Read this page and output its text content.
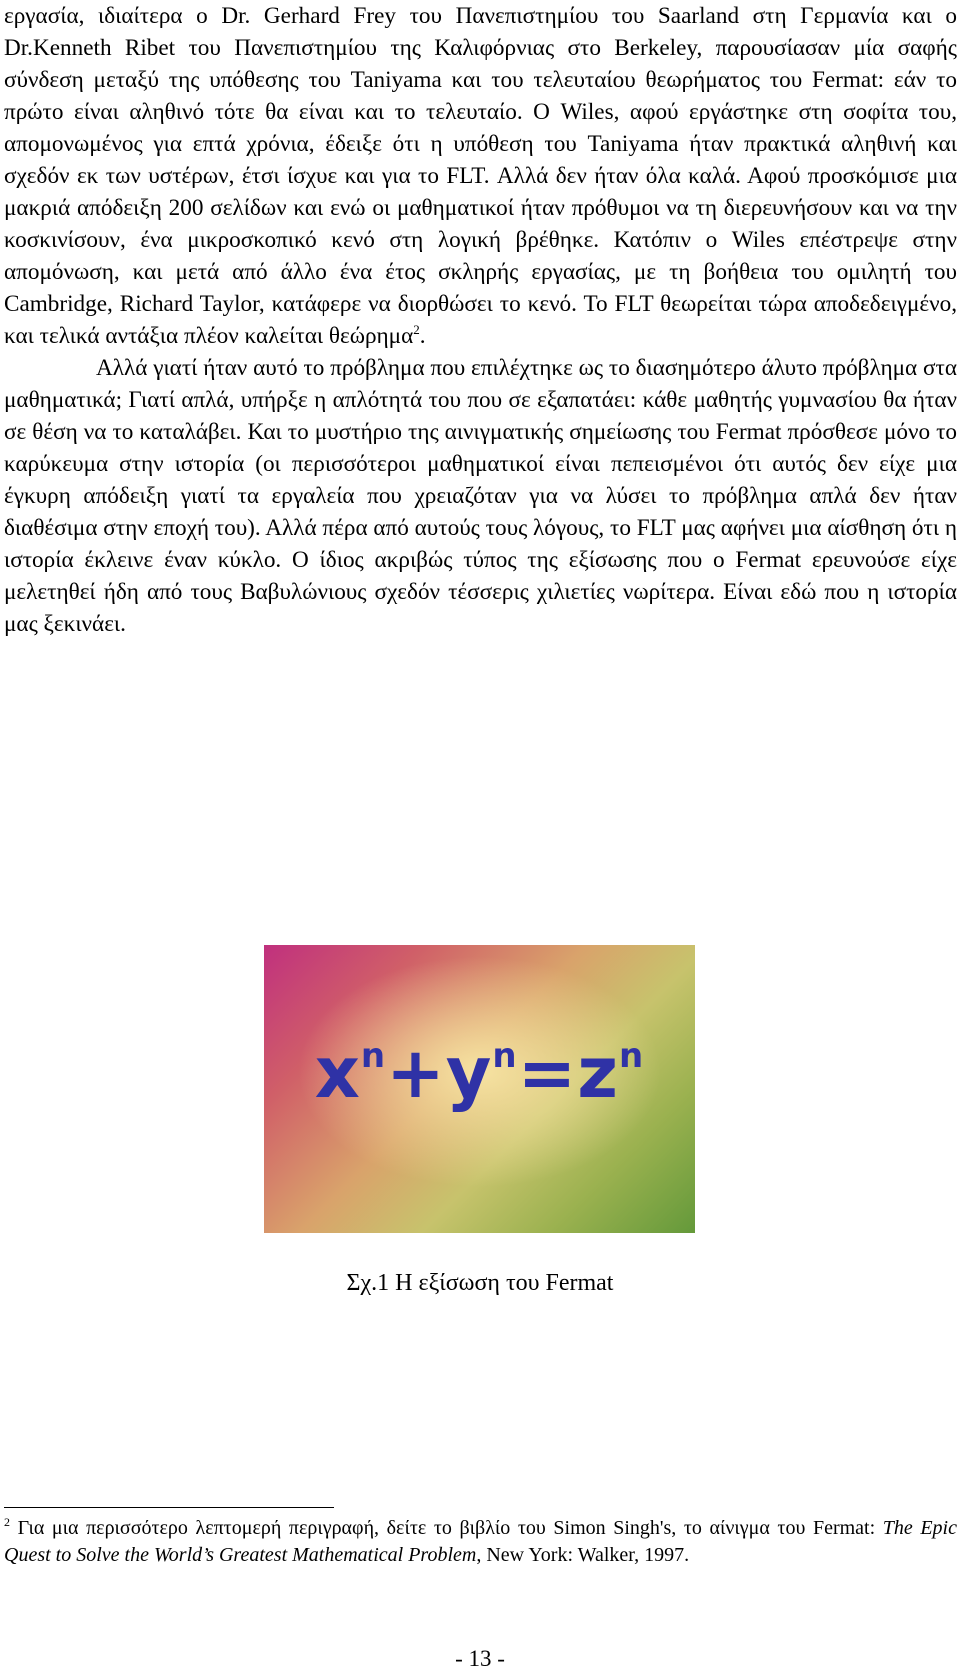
εργασία, ιδιαίτερα ο Dr. Gerhard Frey του Πανεπιστημίου του Saarland στη Γερμανία και ο Dr.Kenneth Ribet του Πανεπιστημίου της Καλιφόρνιας στο Berkeley, παρουσίασαν μία σαφής σύνδεση μεταξύ της υπόθεσης του Taniyama και του τελευταίου θεωρήματος του Fermat: εάν το πρώτο είναι αληθινό τότε θα είναι και το τελευταίο. Ο Wiles, αφού εργάστηκε στη σοφίτα του, απομονωμένος για επτά χρόνια, έδειξε ότι η υπόθεση του Taniyama ήταν πρακτικά αληθινή και σχεδόν εκ των υστέρων, έτσι ίσχυε και για το FLT. Αλλά δεν ήταν όλα καλά. Αφού προσκόμισε μια μακριά απόδειξη 200 σελίδων και ενώ οι μαθηματικοί ήταν πρόθυμοι να τη διερευνήσουν και να την κοσκινίσουν, ένα μικροσκοπικό κενό στη λογική βρέθηκε. Κατόπιν ο Wiles επέστρεψε στην απομόνωση, και μετά από άλλο ένα έτος σκληρής εργασίας, με τη βοήθεια του ομιλητή του Cambridge, Richard Taylor, κατάφερε να διορθώσει το κενό. Το FLT θεωρείται τώρα αποδεδειγμένο, και τελικά αντάξια πλέον καλείται θεώρημα$^2$.

Αλλά γιατί ήταν αυτό το πρόβλημα που επιλέχτηκε ως το διασημότερο άλυτο πρόβλημα στα μαθηματικά; Γιατί απλά, υπήρξε η απλότητά του που σε εξαπατάει: κάθε μαθητής γυμνασίου θα ήταν σε θέση να το καταλάβει. Και το μυστήριο της αινιγματικής σημείωσης του Fermat πρόσθεσε μόνο το καρύκευμα στην ιστορία (οι περισσότεροι μαθηματικοί είναι πεπεισμένοι ότι αυτός δεν είχε μια έγκυρη απόδειξη γιατί τα εργαλεία που χρειαζόταν για να λύσει το πρόβλημα απλά δεν ήταν διαθέσιμα στην εποχή του). Αλλά πέρα από αυτούς τους λόγους, το FLT μας αφήνει μια αίσθηση ότι η ιστορία έκλεινε έναν κύκλο. Ο ίδιος ακριβώς τύπος της εξίσωσης που ο Fermat ερευνούσε είχε μελετηθεί ήδη από τους Βαβυλώνιους σχεδόν τέσσερις χιλιετίες νωρίτερα. Είναι εδώ που η ιστορία μας ξεκινάει.

$x^n+y^n=z^n$
Σχ.1 Η εξίσωση του Fermat

$^2$ Για μια περισσότερο λεπτομερή περιγραφή, δείτε το βιβλίο του Simon Singh's, το αίνιγμα του Fermat: The Epic Quest to Solve the World’s Greatest Mathematical Problem, New York: Walker, 1997.

- 13 -
